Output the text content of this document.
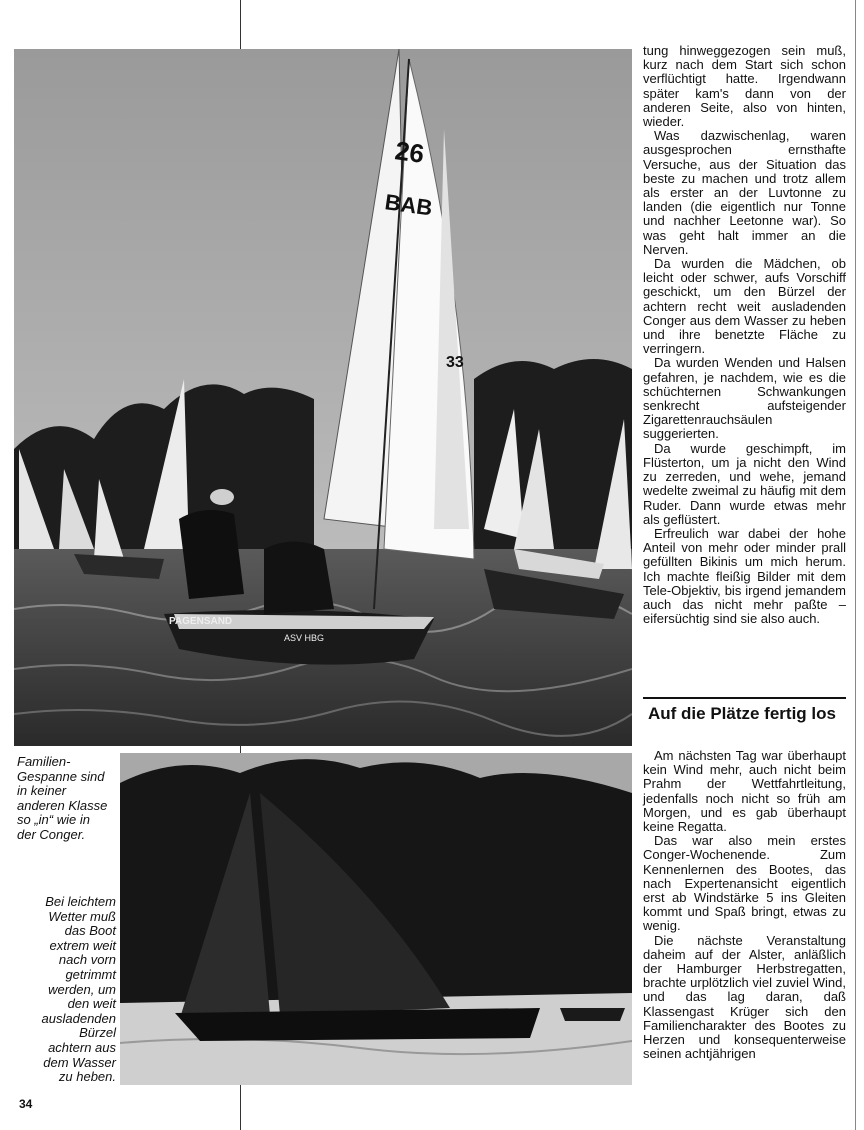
26
BAB
33
PAGENSAND
ASV HBG

tung hinweggezogen sein muß, kurz nach dem Start sich schon verflüchtigt hatte. Irgendwann später kam's dann von der anderen Seite, also von hinten, wieder.

Was dazwischenlag, waren ausgesprochen ernsthafte Versuche, aus der Situation das beste zu machen und trotz allem als erster an der Luvtonne zu landen (die eigentlich nur Tonne und nachher Leetonne war). So was geht halt immer an die Nerven.

Da wurden die Mädchen, ob leicht oder schwer, aufs Vorschiff geschickt, um den Bürzel der achtern recht weit ausladenden Conger aus dem Wasser zu heben und ihre benetzte Fläche zu verringern.

Da wurden Wenden und Halsen gefahren, je nachdem, wie es die schüchternen Schwankungen senkrecht aufsteigender Zigarettenrauchsäulen suggerierten.

Da wurde geschimpft, im Flüsterton, um ja nicht den Wind zu zerreden, und wehe, jemand wedelte zweimal zu häufig mit dem Ruder. Dann wurde etwas mehr als geflüstert.

Erfreulich war dabei der hohe Anteil von mehr oder minder prall gefüllten Bikinis um mich herum. Ich machte fleißig Bilder mit dem Tele-Objektiv, bis irgend jemandem auch das nicht mehr paßte – eifersüchtig sind sie also auch.

Auf die Plätze fertig los

Am nächsten Tag war überhaupt kein Wind mehr, auch nicht beim Prahm der Wettfahrtleitung, jedenfalls noch nicht so früh am Morgen, und es gab überhaupt keine Regatta.

Das war also mein erstes Conger-Wochenende. Zum Kennenlernen des Bootes, das nach Expertenansicht eigentlich erst ab Windstärke 5 ins Gleiten kommt und Spaß bringt, etwas zu wenig.

Die nächste Veranstaltung daheim auf der Alster, anläßlich der Hamburger Herbstregatten, brachte urplötzlich viel zuviel Wind, und das lag daran, daß Klassengast Krüger sich den Familiencharakter des Bootes zu Herzen und konsequenterweise seinen achtjährigen

Familien-Gespanne sind in keiner anderen Klasse so „in“ wie in der Conger.
Bei leichtem Wetter muß das Boot extrem weit nach vorn getrimmt werden, um den weit ausladenden Bürzel achtern aus dem Wasser zu heben.
34
